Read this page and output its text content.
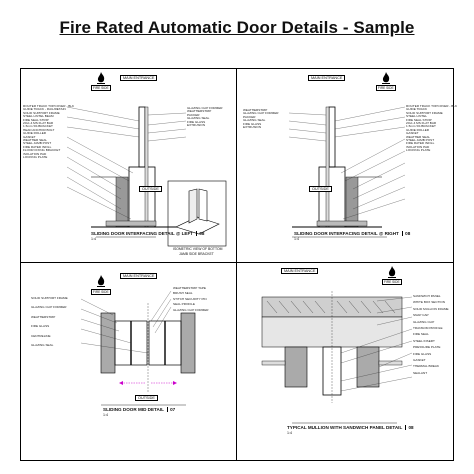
Fire Rated Automatic Door Details - Sample
FIRE SIDE
MAIN ENTRANCE
OUTSIDE
ROUTER TRACK TOPCOVER - BLK
GUIDE TRACK - RAIL/RETAIN
SOLID SUPPORT FRAME
STEEL LINTEL BEAM
FIRE SEAL STRIP
20x1.4 MS FLAT BAR
1.5mm SS BRACKET
HEAD ANCHOR BOLT
GUIDE ROLLER
GASKET
WEATHER SEAL
STEEL JAMB POST
FIRE RATED INFILL
FLOOR FIXING BRACKET
ISOLATION PAD
LOCKING PLATE
GLAZING CLIP FORMER
WEATHERSTRIP
PACKER
GLAZING SEAL
FIRE GLASS
EXTRUSION
ISOMETRIC VIEW OF BOTTOM
JAMB SIDE BRACKET
SLIDING DOOR INTERFACING DETAIL @ LEFT 08
1:4
FIRE SIDE
MAIN ENTRANCE
OUTSIDE
WEATHERSTRIP
GLAZING CLIP FORMER
PACKER
GLAZING SEAL
FIRE GLASS
EXTRUSION
ROUTER TRACK TOPCOVER - BLK
GUIDE TRACK
SOLID SUPPORT FRAME
STEEL LINTEL
FIRE SEAL STRIP
20x1.4 MS FLAT BAR
1.5mm SS BRACKET
GUIDE ROLLER
GASKET
WEATHER SEAL
STEEL JAMB POST
FIRE RATED INFILL
ISOLATION PAD
LOCKING PLATE
SLIDING DOOR INTERFACING DETAIL @ RIGHT 08
1:4
FIRE SIDE
MAIN ENTRANCE
OUTSIDE
SOLID SUPPORT FRAME
GLAZING CLIP FORMER
WEATHERSTRIP
FIRE GLASS
CENTRELINE
GLAZING SEAL
WEATHERSTRIP TAPE
BRUSH SEAL
STITCH SECURITY PIN
SEAL PROFILE
GLAZING CLIP FORMER
SLIDING DOOR MID DETAIL 07
1:4
FIRE SIDE
MAIN ENTRANCE
SANDWICH PANEL
WHITE BOX SECTION
SOLID MULLION FRAME
SNAP CAP
GLAZING CLIP
TRANSOM PROFILE
FIRE SEAL
STEEL INSERT
PRESSURE PLATE
FIRE GLASS
GASKET
THERMAL BREAK
SEALANT
TYPICAL MULLION WITH SANDWICH PANEL DETAIL 08
1:4
